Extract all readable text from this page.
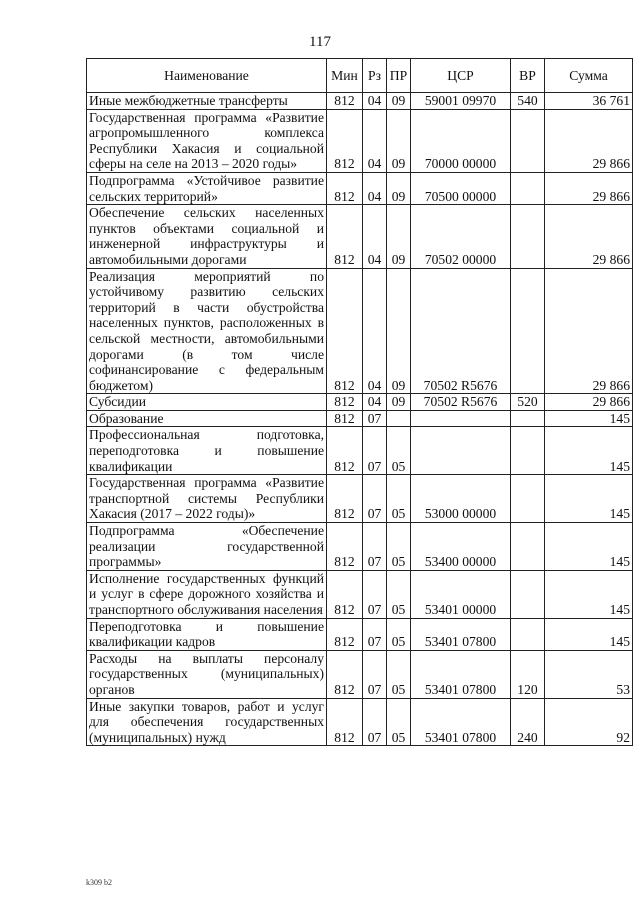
117
Наименование	Мин	Рз	ПР	ЦСР	ВР	Сумма
Иные межбюджетные трансферты	812	04	09	59001 09970	540	36 761
Государственная программа «Развитие агропромышленного комплекса Республики Хакасия и социальной сферы на селе на 2013 – 2020 годы»	812	04	09	70000 00000		29 866
Подпрограмма «Устойчивое развитие сельских территорий»	812	04	09	70500 00000		29 866
Обеспечение сельских населенных пунктов объектами социальной и инженерной инфраструктуры и автомобильными дорогами	812	04	09	70502 00000		29 866
Реализация мероприятий по устойчивому развитию сельских территорий в части обустройства населенных пунктов, расположенных в сельской местности, автомобильными дорогами (в том числе софинансирование с федеральным бюджетом)	812	04	09	70502 R5676		29 866
Субсидии	812	04	09	70502 R5676	520	29 866
Образование	812	07				145
Профессиональная подготовка, переподготовка и повышение квалификации	812	07	05			145
Государственная программа «Развитие транспортной системы Республики Хакасия (2017 – 2022 годы)»	812	07	05	53000 00000		145
Подпрограмма «Обеспечение реализации государственной программы»	812	07	05	53400 00000		145
Исполнение государственных функций и услуг в сфере дорожного хозяйства и транспортного обслуживания населения	812	07	05	53401 00000		145
Переподготовка и повышение квалификации кадров	812	07	05	53401 07800		145
Расходы на выплаты персоналу государственных (муниципальных) органов	812	07	05	53401 07800	120	53
Иные закупки товаров, работ и услуг для обеспечения государственных (муниципальных) нужд	812	07	05	53401 07800	240	92
k309 b2
